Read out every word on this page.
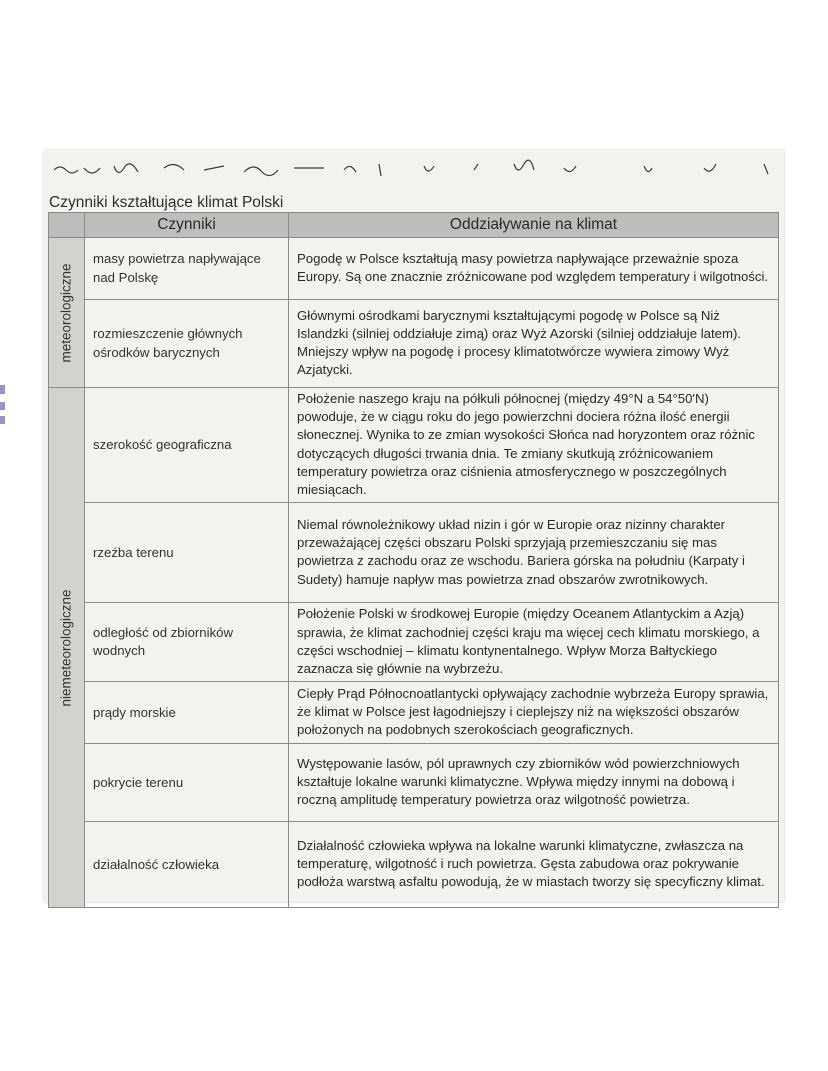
Czynniki kształtujące klimat Polski
	Czynniki	Oddziaływanie na klimat

meteorologiczne	masy powietrza napływające nad Polskę	Pogodę w Polsce kształtują masy powietrza napływające przeważnie spoza Europy. Są one znacznie zróżnicowane pod względem temperatury i wilgotności.
	rozmieszczenie głównych ośrodków barycznych	Głównymi ośrodkami barycznymi kształtującymi pogodę w Polsce są Niż Islandzki (silniej oddziałuje zimą) oraz Wyż Azorski (silniej oddziałuje latem). Mniejszy wpływ na pogodę i procesy klimatotwórcze wywiera zimowy Wyż Azjatycki.

niemeteorologiczne	szerokość geograficzna	Położenie naszego kraju na półkuli północnej (między 49°N a 54°50'N) powoduje, że w ciągu roku do jego powierzchni dociera różna ilość energii słonecznej. Wynika to ze zmian wysokości Słońca nad horyzontem oraz różnic dotyczących długości trwania dnia. Te zmiany skutkują zróżnicowaniem temperatury powietrza oraz ciśnienia atmosferycznego w poszczególnych miesiącach.
	rzeźba terenu	Niemal równoleżnikowy układ nizin i gór w Europie oraz nizinny charakter przeważającej części obszaru Polski sprzyjają przemieszczaniu się mas powietrza z zachodu oraz ze wschodu. Bariera górska na południu (Karpaty i Sudety) hamuje napływ mas powietrza znad obszarów zwrotnikowych.
	odległość od zbiorników wodnych	Położenie Polski w środkowej Europie (między Oceanem Atlantyckim a Azją) sprawia, że klimat zachodniej części kraju ma więcej cech klimatu morskiego, a części wschodniej – klimatu kontynentalnego. Wpływ Morza Bałtyckiego zaznacza się głównie na wybrzeżu.
	prądy morskie	Ciepły Prąd Północnoatlantycki opływający zachodnie wybrzeża Europy sprawia, że klimat w Polsce jest łagodniejszy i cieplejszy niż na większości obszarów położonych na podobnych szerokościach geograficznych.
	pokrycie terenu	Występowanie lasów, pól uprawnych czy zbiorników wód powierzchniowych kształtuje lokalne warunki klimatyczne. Wpływa między innymi na dobową i roczną amplitudę temperatury powietrza oraz wilgotność powietrza.
	działalność człowieka	Działalność człowieka wpływa na lokalne warunki klimatyczne, zwłaszcza na temperaturę, wilgotność i ruch powietrza. Gęsta zabudowa oraz pokrywanie podłoża warstwą asfaltu powodują, że w miastach tworzy się specyficzny klimat.
